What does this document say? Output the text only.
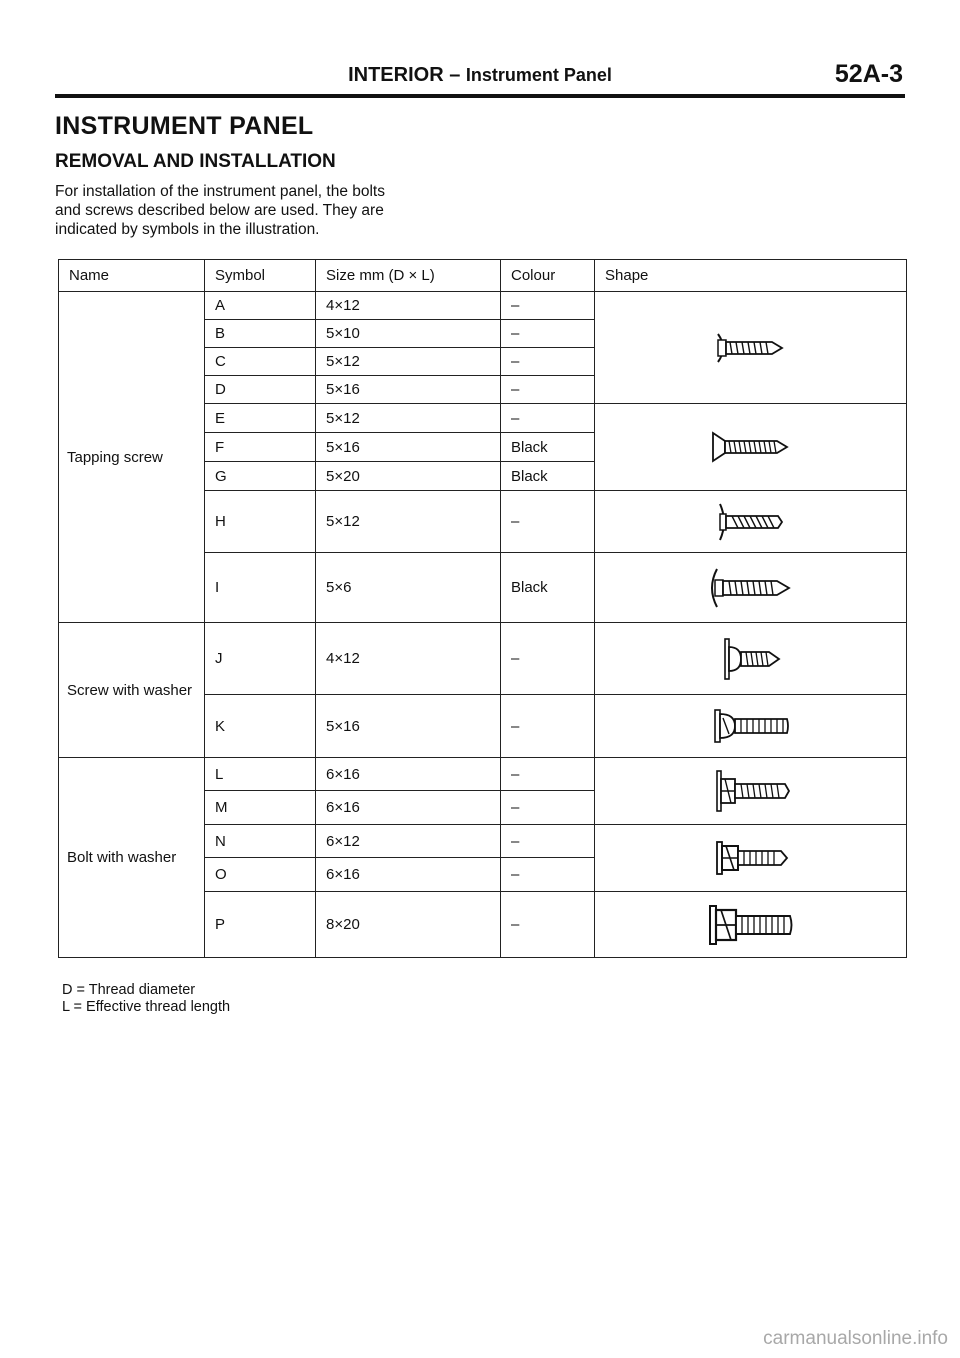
INTERIOR – Instrument Panel	52A-3
INSTRUMENT PANEL
REMOVAL AND INSTALLATION
For installation of the instrument panel, the bolts
and screws described below are used. They are
indicated by symbols in the illustration.
Name	Symbol	Size mm (D × L)	Colour	Shape
Tapping screw	A	4×12	–	
	B	5×10	–	
	C	5×12	–	
	D	5×16	–	
	E	5×12	–	
	F	5×16	Black	
	G	5×20	Black	
	H	5×12	–	
	I	5×6	Black	
Screw with washer	J	4×12	–	
	K	5×16	–	
Bolt with washer	L	6×16	–	
	M	6×16	–	
	N	6×12	–	
	O	6×16	–	
	P	8×20	–	
D = Thread diameter
L = Effective thread length
carmanualsonline.info
